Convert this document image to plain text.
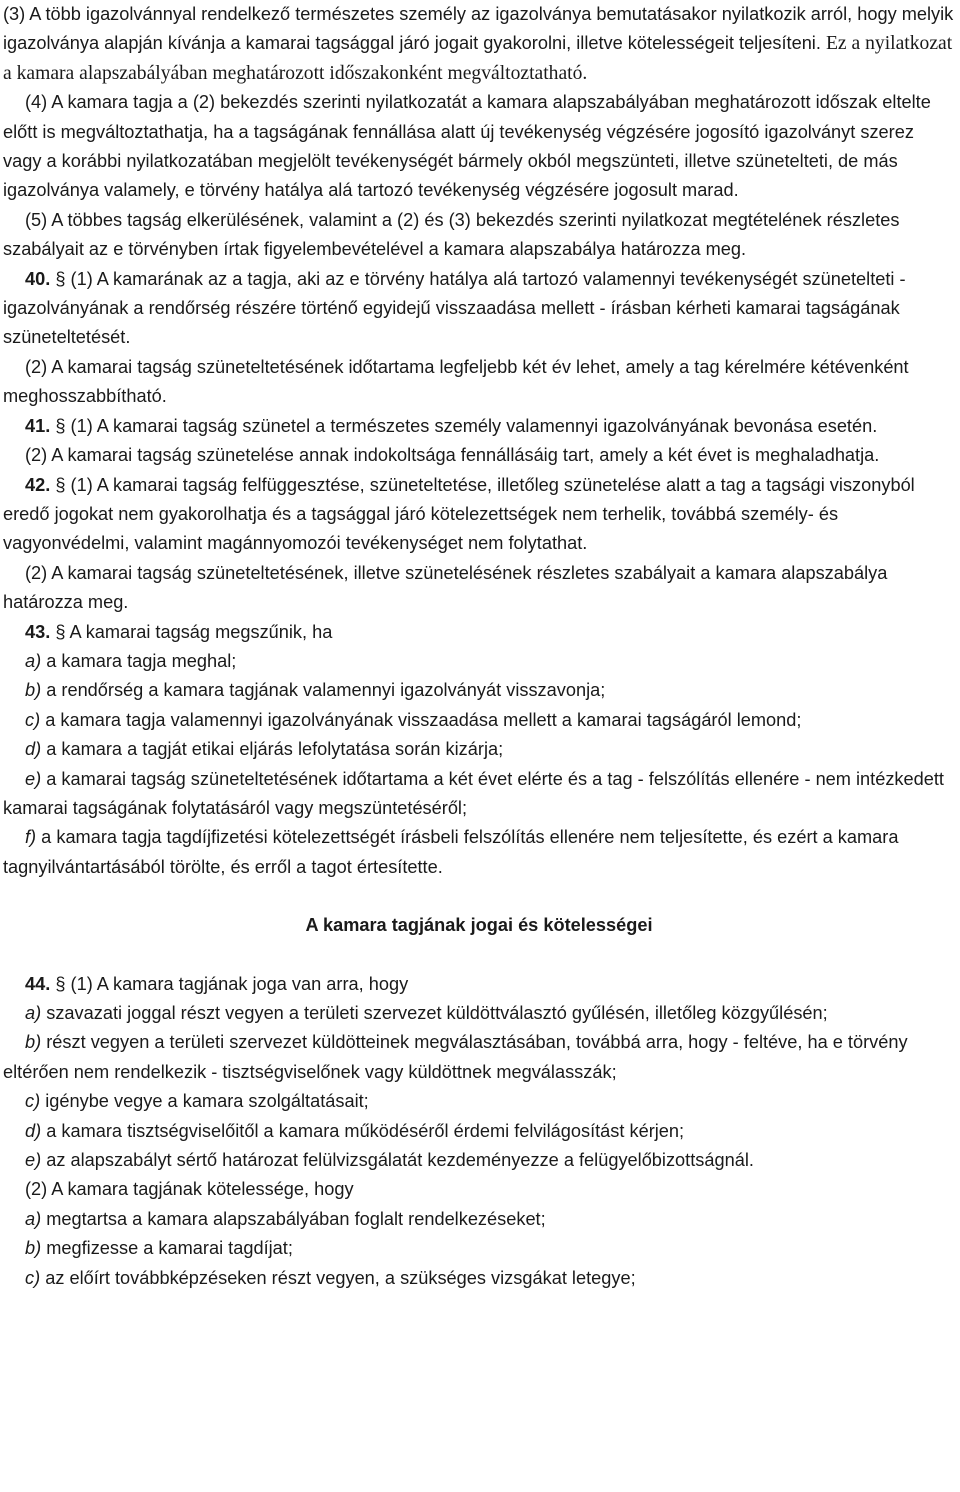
(3) A több igazolvánnyal rendelkező természetes személy az igazolványa bemutatásakor nyilatkozik arról, hogy melyik igazolványa alapján kívánja a kamarai tagsággal járó jogait gyakorolni, illetve kötelességeit teljesíteni. Ez a nyilatkozat a kamara alapszabályában meghatározott időszakonként megváltoztatható.

(4) A kamara tagja a (2) bekezdés szerinti nyilatkozatát a kamara alapszabályában meghatározott időszak eltelte előtt is megváltoztathatja, ha a tagságának fennállása alatt új tevékenység végzésére jogosító igazolványt szerez vagy a korábbi nyilatkozatában megjelölt tevékenységét bármely okból megszünteti, illetve szünetelteti, de más igazolványa valamely, e törvény hatálya alá tartozó tevékenység végzésére jogosult marad.

(5) A többes tagság elkerülésének, valamint a (2) és (3) bekezdés szerinti nyilatkozat megtételének részletes szabályait az e törvényben írtak figyelembevételével a kamara alapszabálya határozza meg.

40. § (1) A kamarának az a tagja, aki az e törvény hatálya alá tartozó valamennyi tevékenységét szünetelteti - igazolványának a rendőrség részére történő egyidejű visszaadása mellett - írásban kérheti kamarai tagságának szüneteltetését.

(2) A kamarai tagság szüneteltetésének időtartama legfeljebb két év lehet, amely a tag kérelmére kétévenként meghosszabbítható.

41. § (1) A kamarai tagság szünetel a természetes személy valamennyi igazolványának bevonása esetén.

(2) A kamarai tagság szünetelése annak indokoltsága fennállásáig tart, amely a két évet is meghaladhatja.

42. § (1) A kamarai tagság felfüggesztése, szüneteltetése, illetőleg szünetelése alatt a tag a tagsági viszonyból eredő jogokat nem gyakorolhatja és a tagsággal járó kötelezettségek nem terhelik, továbbá személy- és vagyonvédelmi, valamint magánnyomozói tevékenységet nem folytathat.

(2) A kamarai tagság szüneteltetésének, illetve szünetelésének részletes szabályait a kamara alapszabálya határozza meg.

43. § A kamarai tagság megszűnik, ha

a) a kamara tagja meghal;

b) a rendőrség a kamara tagjának valamennyi igazolványát visszavonja;

c) a kamara tagja valamennyi igazolványának visszaadása mellett a kamarai tagságáról lemond;

d) a kamara a tagját etikai eljárás lefolytatása során kizárja;

e) a kamarai tagság szüneteltetésének időtartama a két évet elérte és a tag - felszólítás ellenére - nem intézkedett kamarai tagságának folytatásáról vagy megszüntetéséről;

f) a kamara tagja tagdíjfizetési kötelezettségét írásbeli felszólítás ellenére nem teljesítette, és ezért a kamara tagnyilvántartásából törölte, és erről a tagot értesítette.

A kamara tagjának jogai és kötelességei

44. § (1) A kamara tagjának joga van arra, hogy

a) szavazati joggal részt vegyen a területi szervezet küldöttválasztó gyűlésén, illetőleg közgyűlésén;

b) részt vegyen a területi szervezet küldötteinek megválasztásában, továbbá arra, hogy - feltéve, ha e törvény eltérően nem rendelkezik - tisztségviselőnek vagy küldöttnek megválasszák;

c) igénybe vegye a kamara szolgáltatásait;

d) a kamara tisztségviselőitől a kamara működéséről érdemi felvilágosítást kérjen;

e) az alapszabályt sértő határozat felülvizsgálatát kezdeményezze a felügyelőbizottságnál.

(2) A kamara tagjának kötelessége, hogy

a) megtartsa a kamara alapszabályában foglalt rendelkezéseket;

b) megfizesse a kamarai tagdíjat;

c) az előírt továbbképzéseken részt vegyen, a szükséges vizsgákat letegye;
